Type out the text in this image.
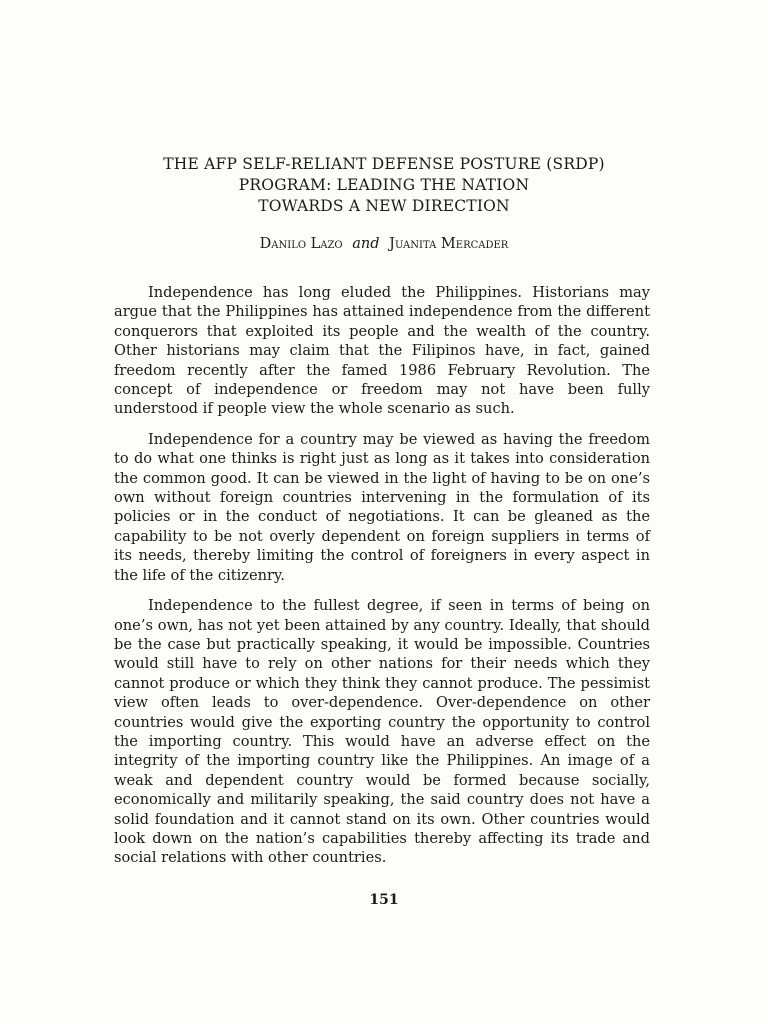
THE AFP SELF-RELIANT DEFENSE POSTURE (SRDP)
PROGRAM: LEADING THE NATION
TOWARDS A NEW DIRECTION
Danilo Lazo and Juanita Mercader

Independence has long eluded the Philippines. Historians may argue that the Philippines has attained independence from the different conquerors that exploited its people and the wealth of the country. Other historians may claim that the Filipinos have, in fact, gained freedom recently after the famed 1986 February Revolution. The concept of independence or freedom may not have been fully understood if people view the whole scenario as such.

Independence for a country may be viewed as having the freedom to do what one thinks is right just as long as it takes into consideration the common good. It can be viewed in the light of having to be on one’s own without foreign countries intervening in the formulation of its policies or in the conduct of negotiations. It can be gleaned as the capability to be not overly dependent on foreign suppliers in terms of its needs, thereby limiting the control of foreigners in every aspect in the life of the citizenry.

Independence to the fullest degree, if seen in terms of being on one’s own, has not yet been attained by any country. Ideally, that should be the case but practically speaking, it would be impossible. Countries would still have to rely on other nations for their needs which they cannot produce or which they think they cannot produce. The pessimist view often leads to over-dependence. Over-dependence on other countries would give the exporting country the opportunity to control the importing country. This would have an adverse effect on the integrity of the importing country like the Philippines. An image of a weak and dependent country would be formed because socially, economically and militarily speaking, the said country does not have a solid foundation and it cannot stand on its own. Other countries would look down on the nation’s capabilities thereby affecting its trade and social relations with other countries.

151
